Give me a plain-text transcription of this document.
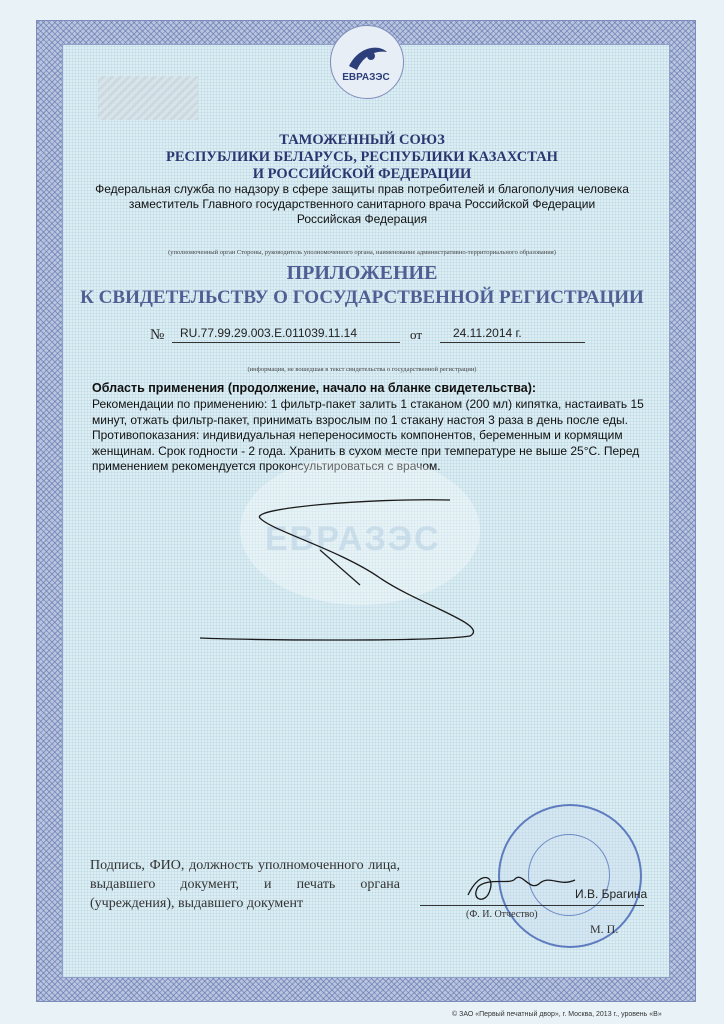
ЕВРАЗЭС
ТАМОЖЕННЫЙ СОЮЗ
РЕСПУБЛИКИ БЕЛАРУСЬ, РЕСПУБЛИКИ КАЗАХСТАН
И РОССИЙСКОЙ ФЕДЕРАЦИИ
Федеральная служба по надзору в сфере защиты прав потребителей и благополучия человека
заместитель Главного государственного санитарного врача Российской Федерации
Российская Федерация
(уполномоченный орган Стороны, руководитель уполномоченного органа, наименование административно-территориального образования)
ПРИЛОЖЕНИЕ
К СВИДЕТЕЛЬСТВУ О ГОСУДАРСТВЕННОЙ РЕГИСТРАЦИИ
№ RU.77.99.29.003.E.011039.11.14	от	24.11.2014 г.
(информация, не вошедшая в текст свидетельства о государственной регистрации)
Область применения (продолжение, начало на бланке свидетельства):

Рекомендации по применению: 1 фильтр-пакет залить 1 стаканом (200 мл) кипятка, настаивать 15 минут, отжать фильтр-пакет, принимать взрослым по 1 стакану настоя 3 раза в день после еды. Противопоказания: индивидуальная непереносимость компонентов, беременным и кормящим женщинам. Срок годности - 2 года. Хранить в сухом месте при температуре не выше 25°С. Перед применением рекомендуется проконсультироваться с врачом.

ЕВРАЗЭС
Подпись, ФИО, должность уполномоченного лица, выдавшего документ, и печать органа (учреждения), выдавшего документ
И.В. Брагина
(Ф. И. Отчество)
М. П.
© ЗАО «Первый печатный двор», г. Москва, 2013 г., уровень «В»
